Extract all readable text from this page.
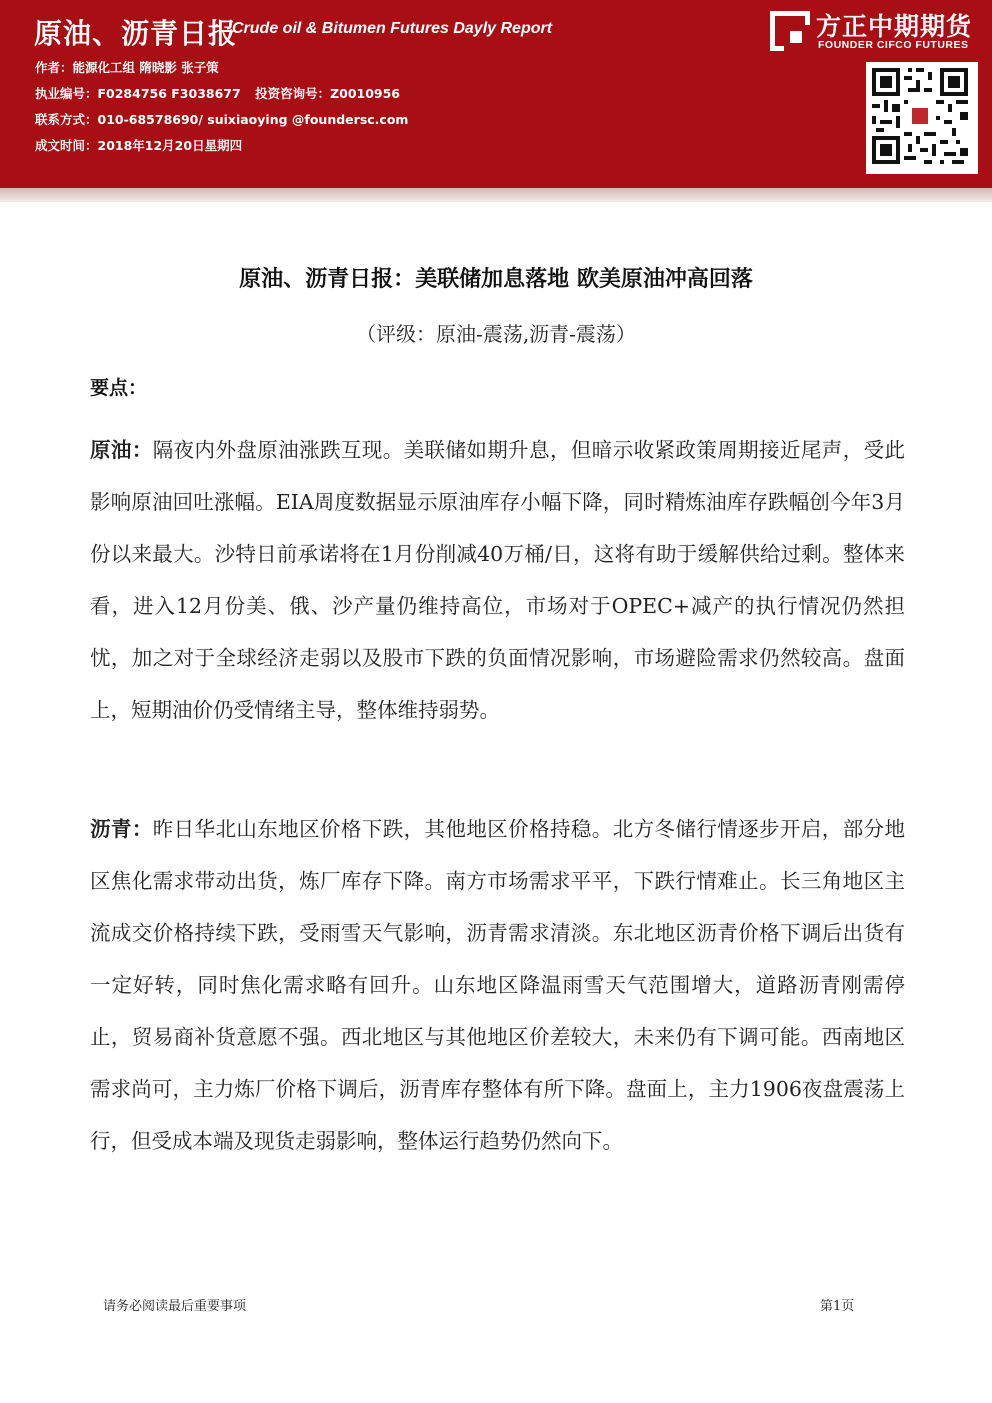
原油、沥青日报
Crude oil & Bitumen Futures Dayly Report	方正中期期货
FOUNDER CIFCO FUTURES
作者：能源化工组 隋晓影 张子策
执业编号：F0284756 F3038677 投资咨询号：Z0010956
联系方式：010-68578690/ suixiaoying @foundersc.com
成文时间：2018年12月20日星期四
原油、沥青日报：美联储加息落地 欧美原油冲高回落
（评级：原油-震荡,沥青-震荡）
要点：
原油：隔夜内外盘原油涨跌互现。美联储如期升息，但暗示收紧政策周期接近尾声，受此影响原油回吐涨幅。EIA周度数据显示原油库存小幅下降，同时精炼油库存跌幅创今年3月份以来最大。沙特日前承诺将在1月份削减40万桶/日，这将有助于缓解供给过剩。整体来看，进入12月份美、俄、沙产量仍维持高位，市场对于OPEC+减产的执行情况仍然担忧，加之对于全球经济走弱以及股市下跌的负面情况影响，市场避险需求仍然较高。盘面上，短期油价仍受情绪主导，整体维持弱势。
沥青：昨日华北山东地区价格下跌，其他地区价格持稳。北方冬储行情逐步开启，部分地区焦化需求带动出货，炼厂库存下降。南方市场需求平平，下跌行情难止。长三角地区主流成交价格持续下跌，受雨雪天气影响，沥青需求清淡。东北地区沥青价格下调后出货有一定好转，同时焦化需求略有回升。山东地区降温雨雪天气范围增大，道路沥青刚需停止，贸易商补货意愿不强。西北地区与其他地区价差较大，未来仍有下调可能。西南地区需求尚可，主力炼厂价格下调后，沥青库存整体有所下降。盘面上，主力1906夜盘震荡上行，但受成本端及现货走弱影响，整体运行趋势仍然向下。
请务必阅读最后重要事项	第1页
